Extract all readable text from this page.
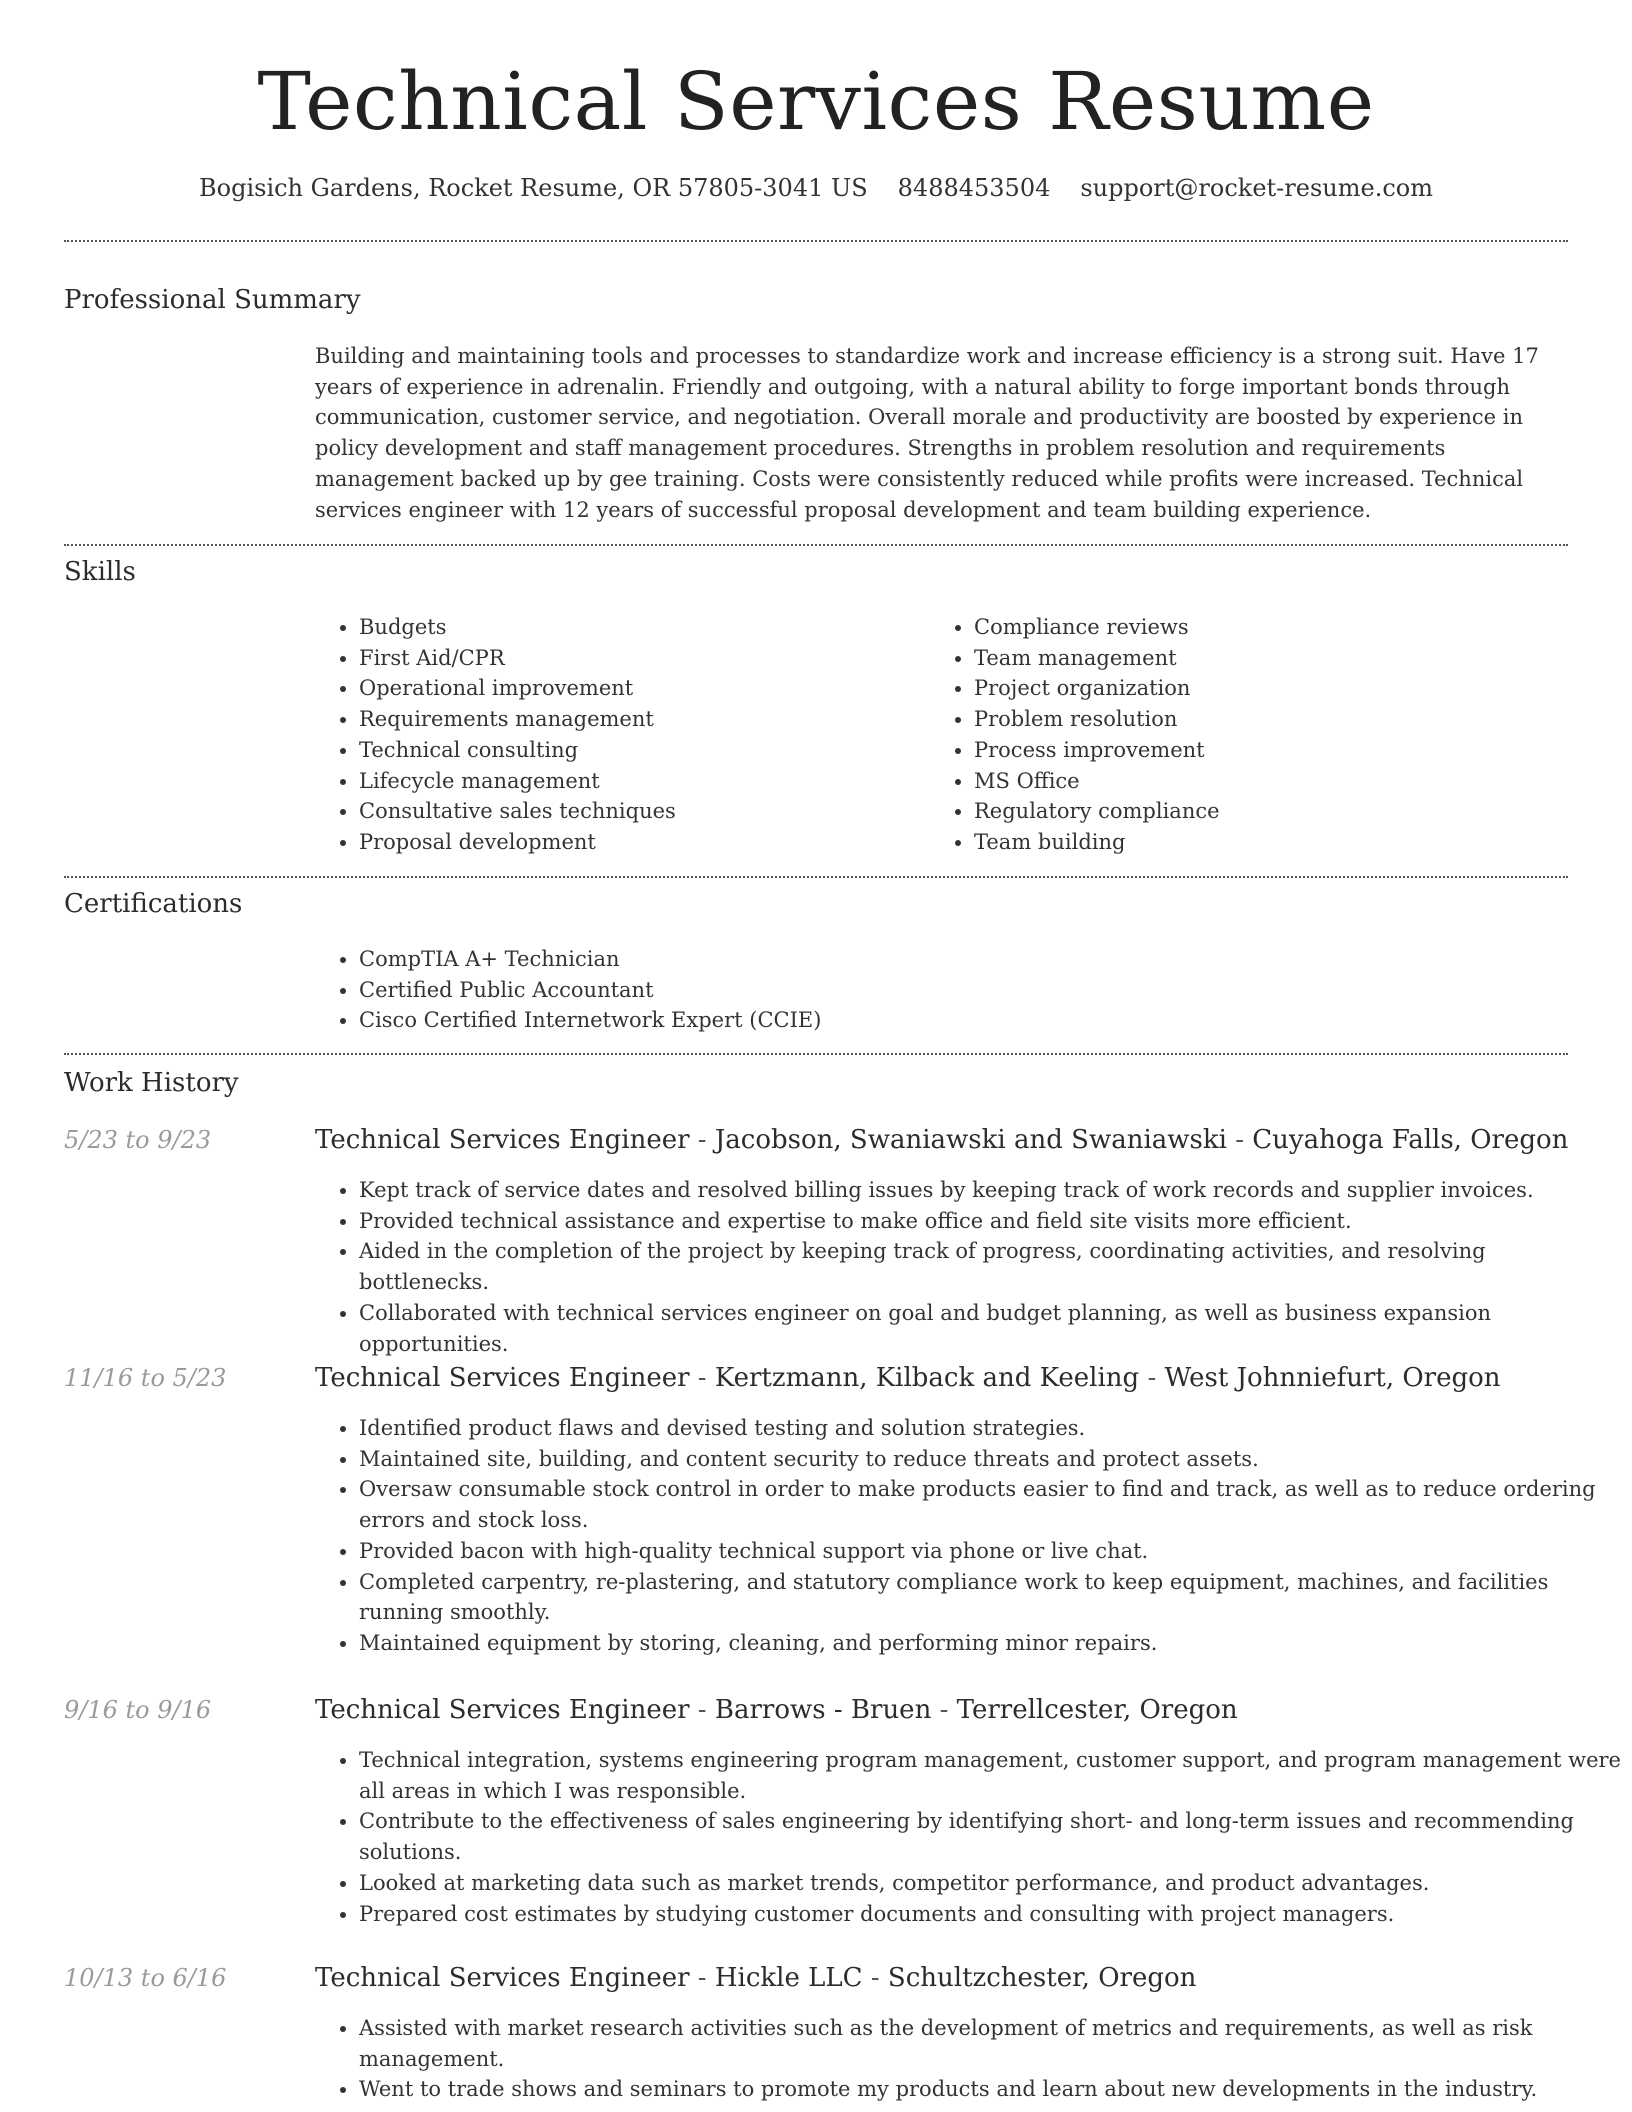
Technical Services Resume
Bogisich Gardens, Rocket Resume, OR 57805-3041 US 8488453504 support@rocket-resume.com
Professional Summary

Building and maintaining tools and processes to standardize work and increase efficiency is a strong suit. Have 17 years of experience in adrenalin. Friendly and outgoing, with a natural ability to forge important bonds through communication, customer service, and negotiation. Overall morale and productivity are boosted by experience in policy development and staff management procedures. Strengths in problem resolution and requirements management backed up by gee training. Costs were consistently reduced while profits were increased. Technical services engineer with 12 years of successful proposal development and team building experience.

Skills
• Budgets
• First Aid/CPR
• Operational improvement
• Requirements management
• Technical consulting
• Lifecycle management
• Consultative sales techniques
• Proposal development
• Compliance reviews
• Team management
• Project organization
• Problem resolution
• Process improvement
• MS Office
• Regulatory compliance
• Team building
Certifications
• CompTIA A+ Technician
• Certified Public Accountant
• Cisco Certified Internetwork Expert (CCIE)
Work History
5/23 to 9/23	Technical Services Engineer - Jacobson, Swaniawski and Swaniawski - Cuyahoga Falls, Oregon
• Kept track of service dates and resolved billing issues by keeping track of work records and supplier invoices.
• Provided technical assistance and expertise to make office and field site visits more efficient.
• Aided in the completion of the project by keeping track of progress, coordinating activities, and resolving bottlenecks.
• Collaborated with technical services engineer on goal and budget planning, as well as business expansion opportunities.
11/16 to 5/23	Technical Services Engineer - Kertzmann, Kilback and Keeling - West Johnniefurt, Oregon
• Identified product flaws and devised testing and solution strategies.
• Maintained site, building, and content security to reduce threats and protect assets.
• Oversaw consumable stock control in order to make products easier to find and track, as well as to reduce ordering errors and stock loss.
• Provided bacon with high-quality technical support via phone or live chat.
• Completed carpentry, re-plastering, and statutory compliance work to keep equipment, machines, and facilities running smoothly.
• Maintained equipment by storing, cleaning, and performing minor repairs.
9/16 to 9/16	Technical Services Engineer - Barrows - Bruen - Terrellcester, Oregon
• Technical integration, systems engineering program management, customer support, and program management were all areas in which I was responsible.
• Contribute to the effectiveness of sales engineering by identifying short- and long-term issues and recommending solutions.
• Looked at marketing data such as market trends, competitor performance, and product advantages.
• Prepared cost estimates by studying customer documents and consulting with project managers.
10/13 to 6/16	Technical Services Engineer - Hickle LLC - Schultzchester, Oregon
• Assisted with market research activities such as the development of metrics and requirements, as well as risk management.
• Went to trade shows and seminars to promote my products and learn about new developments in the industry.
